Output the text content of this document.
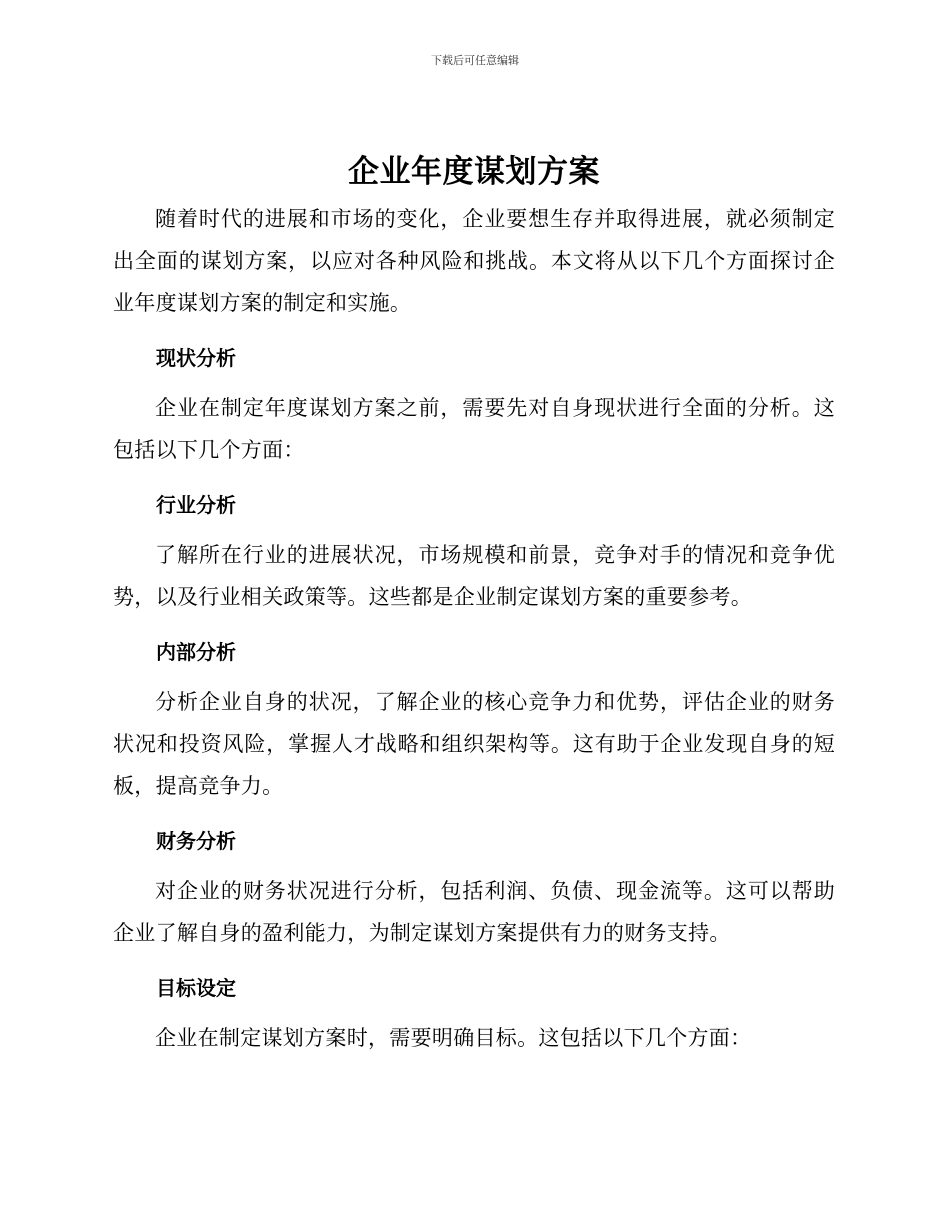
下载后可任意编辑
企业年度谋划方案

随着时代的进展和市场的变化，企业要想生存并取得进展，就必须制定出全面的谋划方案，以应对各种风险和挑战。本文将从以下几个方面探讨企业年度谋划方案的制定和实施。

现状分析

企业在制定年度谋划方案之前，需要先对自身现状进行全面的分析。这包括以下几个方面：

行业分析

了解所在行业的进展状况，市场规模和前景，竞争对手的情况和竞争优势，以及行业相关政策等。这些都是企业制定谋划方案的重要参考。

内部分析

分析企业自身的状况，了解企业的核心竞争力和优势，评估企业的财务状况和投资风险，掌握人才战略和组织架构等。这有助于企业发现自身的短板，提高竞争力。

财务分析

对企业的财务状况进行分析，包括利润、负债、现金流等。这可以帮助企业了解自身的盈利能力，为制定谋划方案提供有力的财务支持。

目标设定

企业在制定谋划方案时，需要明确目标。这包括以下几个方面：
